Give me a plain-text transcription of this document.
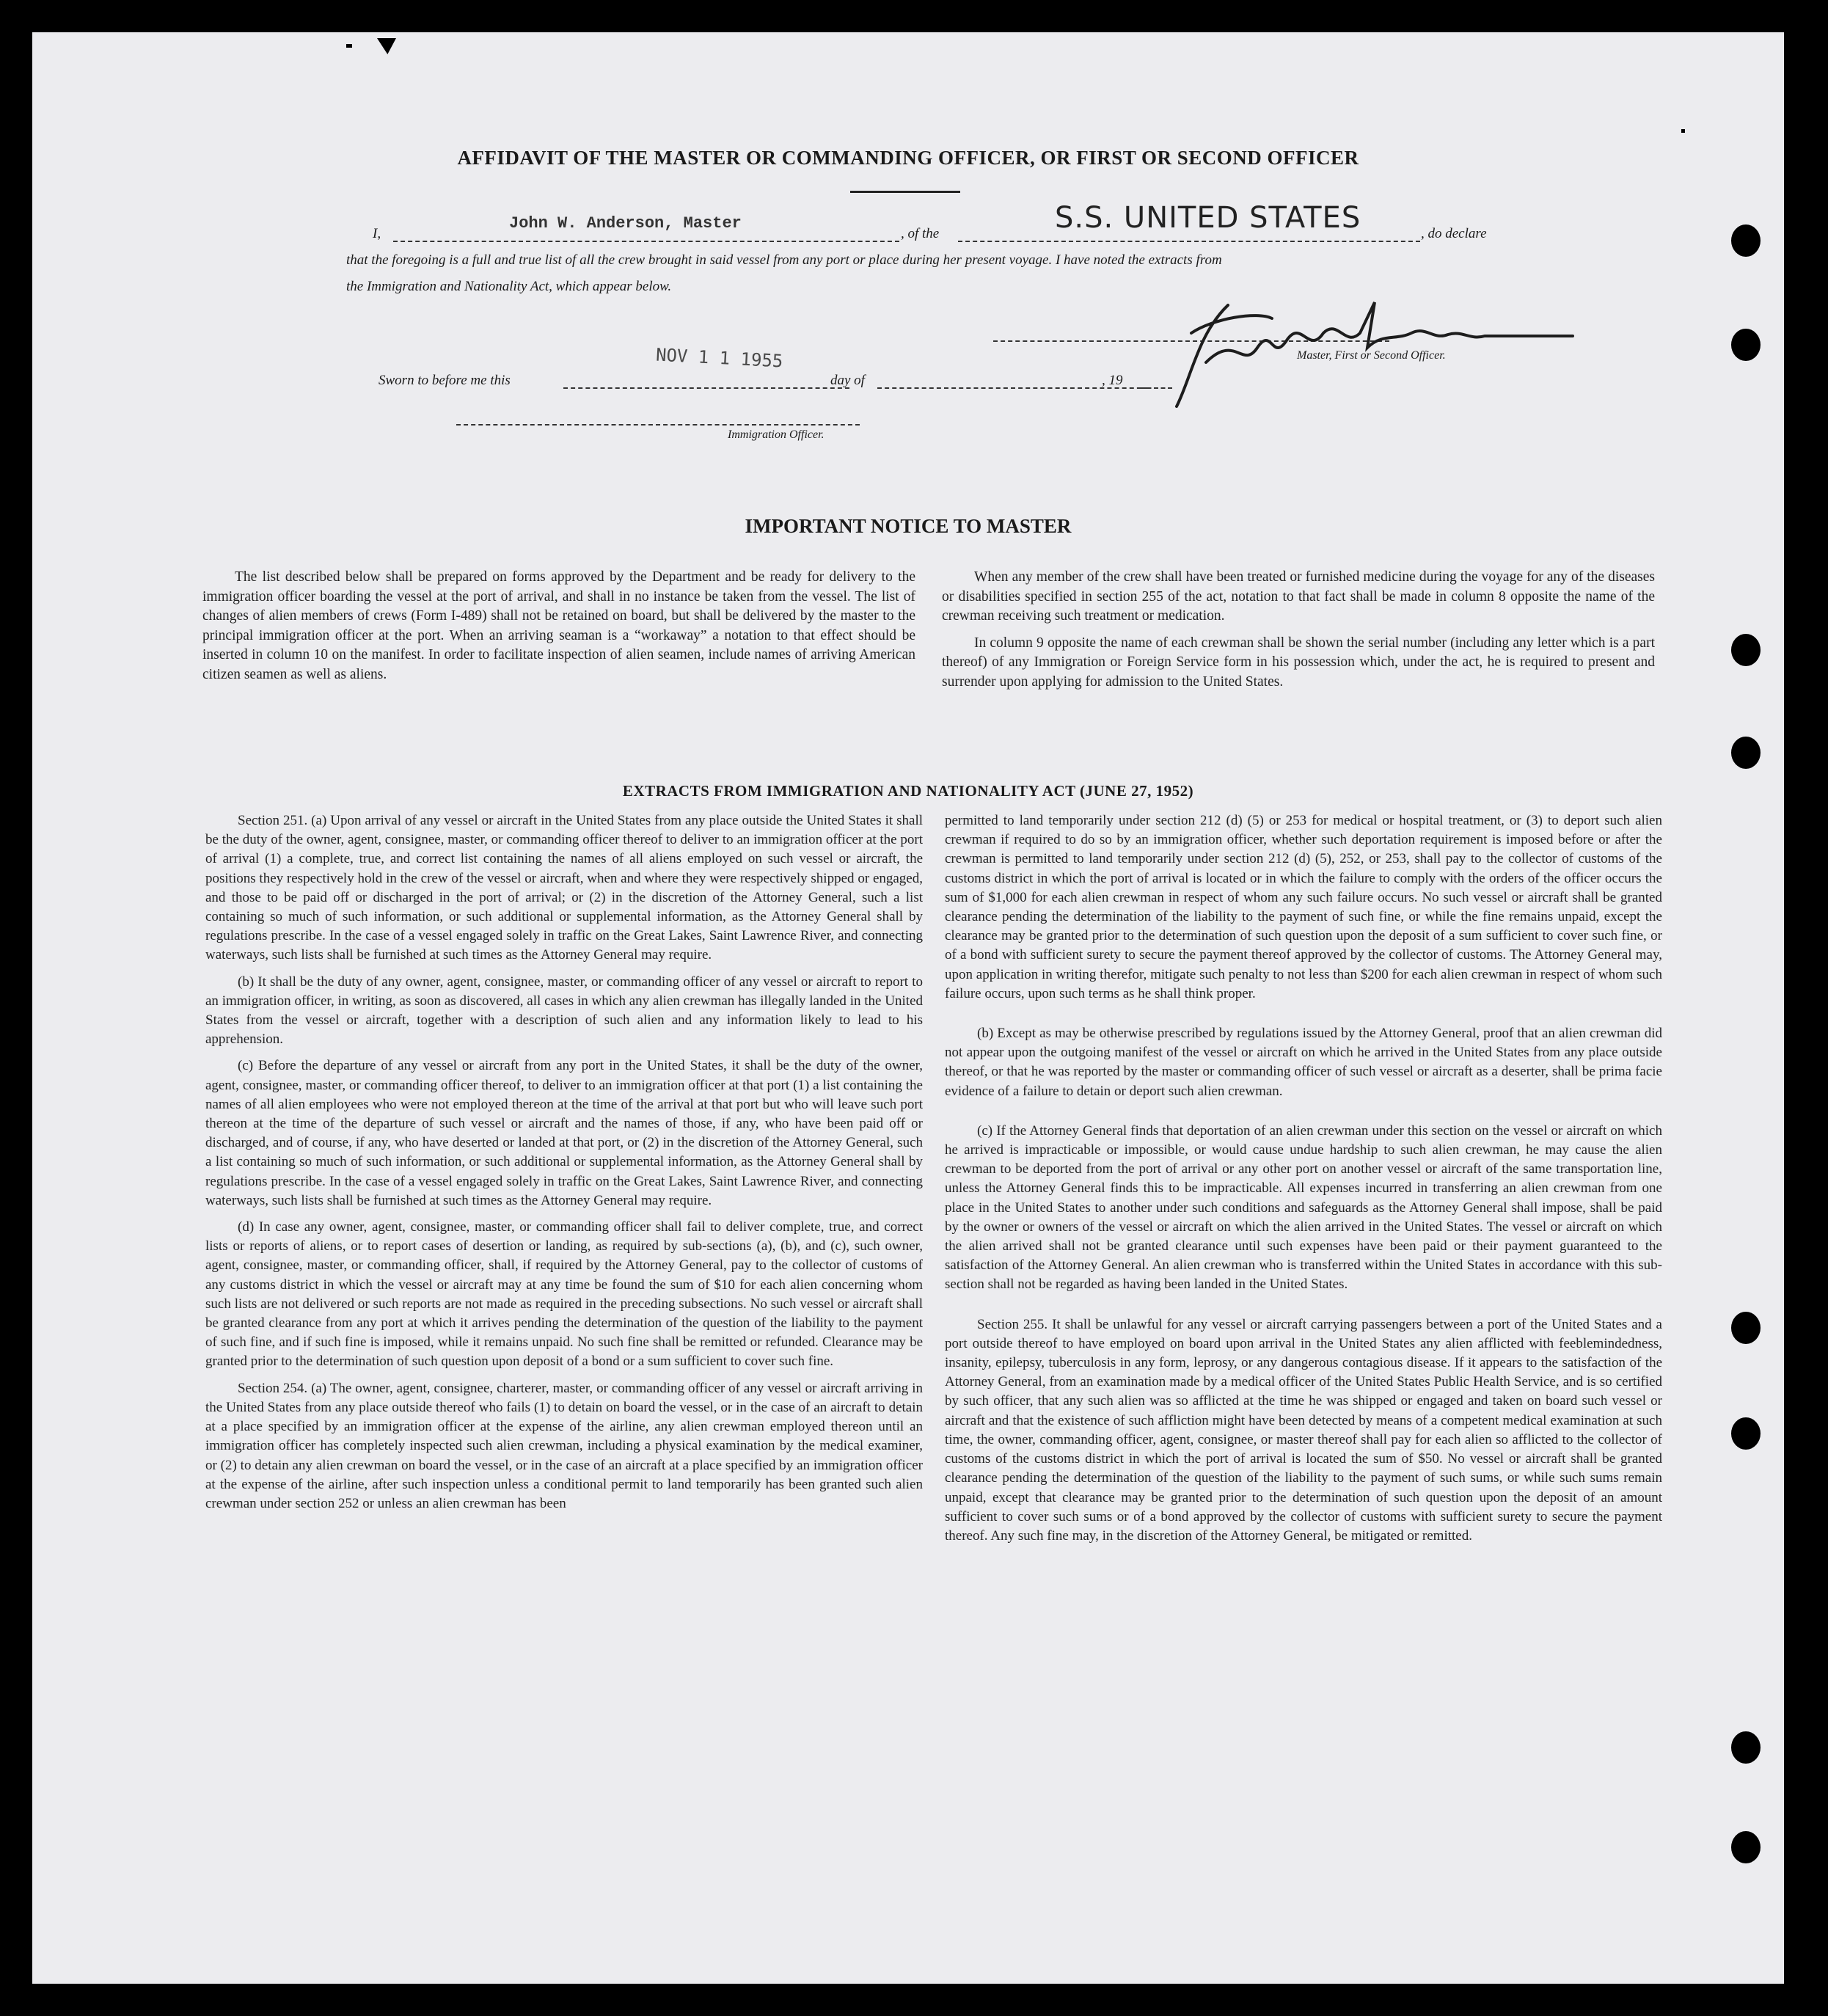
AFFIDAVIT OF THE MASTER OR COMMANDING OFFICER, OR FIRST OR SECOND OFFICER
I,
John W. Anderson, Master
, of the	S.S. UNITED STATES	, do declare
that the foregoing is a full and true list of all the crew brought in said vessel from any port or place during her present voyage. I have noted the extracts from
the Immigration and Nationality Act, which appear below.
Master, First or Second Officer.
Sworn to before me this
NOV 1 1 1955
day of	, 19
Immigration Officer.
IMPORTANT NOTICE TO MASTER

The list described below shall be prepared on forms approved by the Department and be ready for delivery to the immigration officer boarding the vessel at the port of arrival, and shall in no instance be taken from the vessel. The list of changes of alien members of crews (Form I-489) shall not be retained on board, but shall be delivered by the master to the principal immigration officer at the port. When an arriving seaman is a “workaway” a notation to that effect should be inserted in column 10 on the manifest. In order to facilitate inspection of alien seamen, include names of arriving American citizen seamen as well as aliens.

When any member of the crew shall have been treated or furnished medicine during the voyage for any of the diseases or disabilities specified in section 255 of the act, notation to that fact shall be made in column 8 opposite the name of the crewman receiving such treatment or medication.

In column 9 opposite the name of each crewman shall be shown the serial number (including any letter which is a part thereof) of any Immigration or Foreign Service form in his possession which, under the act, he is required to present and surrender upon applying for admission to the United States.

EXTRACTS FROM IMMIGRATION AND NATIONALITY ACT (JUNE 27, 1952)

Section 251. (a) Upon arrival of any vessel or aircraft in the United States from any place outside the United States it shall be the duty of the owner, agent, consignee, master, or commanding officer thereof to deliver to an immigration officer at the port of arrival (1) a complete, true, and correct list containing the names of all aliens employed on such vessel or aircraft, the positions they respectively hold in the crew of the vessel or aircraft, when and where they were respectively shipped or engaged, and those to be paid off or discharged in the port of arrival; or (2) in the discretion of the Attorney General, such a list containing so much of such information, or such additional or supplemental information, as the Attorney General shall by regulations prescribe. In the case of a vessel engaged solely in traffic on the Great Lakes, Saint Lawrence River, and connecting waterways, such lists shall be furnished at such times as the Attorney General may require.

(b) It shall be the duty of any owner, agent, consignee, master, or commanding officer of any vessel or aircraft to report to an immigration officer, in writing, as soon as discovered, all cases in which any alien crewman has illegally landed in the United States from the vessel or aircraft, together with a description of such alien and any information likely to lead to his apprehension.

(c) Before the departure of any vessel or aircraft from any port in the United States, it shall be the duty of the owner, agent, consignee, master, or commanding officer thereof, to deliver to an immigration officer at that port (1) a list containing the names of all alien employees who were not employed thereon at the time of the arrival at that port but who will leave such port thereon at the time of the departure of such vessel or aircraft and the names of those, if any, who have been paid off or discharged, and of course, if any, who have deserted or landed at that port, or (2) in the discretion of the Attorney General, such a list containing so much of such information, or such additional or supplemental information, as the Attorney General shall by regulations prescribe. In the case of a vessel engaged solely in traffic on the Great Lakes, Saint Lawrence River, and connecting waterways, such lists shall be furnished at such times as the Attorney General may require.

(d) In case any owner, agent, consignee, master, or commanding officer shall fail to deliver complete, true, and correct lists or reports of aliens, or to report cases of desertion or landing, as required by sub-sections (a), (b), and (c), such owner, agent, consignee, master, or commanding officer, shall, if required by the Attorney General, pay to the collector of customs of any customs district in which the vessel or aircraft may at any time be found the sum of $10 for each alien concerning whom such lists are not delivered or such reports are not made as required in the preceding subsections. No such vessel or aircraft shall be granted clearance from any port at which it arrives pending the determination of the question of the liability to the payment of such fine, and if such fine is imposed, while it remains unpaid. No such fine shall be remitted or refunded. Clearance may be granted prior to the determination of such question upon deposit of a bond or a sum sufficient to cover such fine.

Section 254. (a) The owner, agent, consignee, charterer, master, or commanding officer of any vessel or aircraft arriving in the United States from any place outside thereof who fails (1) to detain on board the vessel, or in the case of an aircraft to detain at a place specified by an immigration officer at the expense of the airline, any alien crewman employed thereon until an immigration officer has completely inspected such alien crewman, including a physical examination by the medical examiner, or (2) to detain any alien crewman on board the vessel, or in the case of an aircraft at a place specified by an immigration officer at the expense of the airline, after such inspection unless a conditional permit to land temporarily has been granted such alien crewman under section 252 or unless an alien crewman has been

permitted to land temporarily under section 212 (d) (5) or 253 for medical or hospital treatment, or (3) to deport such alien crewman if required to do so by an immigration officer, whether such deportation requirement is imposed before or after the crewman is permitted to land temporarily under section 212 (d) (5), 252, or 253, shall pay to the collector of customs of the customs district in which the port of arrival is located or in which the failure to comply with the orders of the officer occurs the sum of $1,000 for each alien crewman in respect of whom any such failure occurs. No such vessel or aircraft shall be granted clearance pending the determination of the liability to the payment of such fine, or while the fine remains unpaid, except the clearance may be granted prior to the determination of such question upon the deposit of a sum sufficient to cover such fine, or of a bond with sufficient surety to secure the payment thereof approved by the collector of customs. The Attorney General may, upon application in writing therefor, mitigate such penalty to not less than $200 for each alien crewman in respect of whom such failure occurs, upon such terms as he shall think proper.

(b) Except as may be otherwise prescribed by regulations issued by the Attorney General, proof that an alien crewman did not appear upon the outgoing manifest of the vessel or aircraft on which he arrived in the United States from any place outside thereof, or that he was reported by the master or commanding officer of such vessel or aircraft as a deserter, shall be prima facie evidence of a failure to detain or deport such alien crewman.

(c) If the Attorney General finds that deportation of an alien crewman under this section on the vessel or aircraft on which he arrived is impracticable or impossible, or would cause undue hardship to such alien crewman, he may cause the alien crewman to be deported from the port of arrival or any other port on another vessel or aircraft of the same transportation line, unless the Attorney General finds this to be impracticable. All expenses incurred in transferring an alien crewman from one place in the United States to another under such conditions and safeguards as the Attorney General shall impose, shall be paid by the owner or owners of the vessel or aircraft on which the alien arrived in the United States. The vessel or aircraft on which the alien arrived shall not be granted clearance until such expenses have been paid or their payment guaranteed to the satisfaction of the Attorney General. An alien crewman who is transferred within the United States in accordance with this sub-section shall not be regarded as having been landed in the United States.

Section 255. It shall be unlawful for any vessel or aircraft carrying passengers between a port of the United States and a port outside thereof to have employed on board upon arrival in the United States any alien afflicted with feeblemindedness, insanity, epilepsy, tuberculosis in any form, leprosy, or any dangerous contagious disease. If it appears to the satisfaction of the Attorney General, from an examination made by a medical officer of the United States Public Health Service, and is so certified by such officer, that any such alien was so afflicted at the time he was shipped or engaged and taken on board such vessel or aircraft and that the existence of such affliction might have been detected by means of a competent medical examination at such time, the owner, commanding officer, agent, consignee, or master thereof shall pay for each alien so afflicted to the collector of customs of the customs district in which the port of arrival is located the sum of $50. No vessel or aircraft shall be granted clearance pending the determination of the question of the liability to the payment of such sums, or while such sums remain unpaid, except that clearance may be granted prior to the determination of such question upon the deposit of an amount sufficient to cover such sums or of a bond approved by the collector of customs with sufficient surety to secure the payment thereof. Any such fine may, in the discretion of the Attorney General, be mitigated or remitted.
